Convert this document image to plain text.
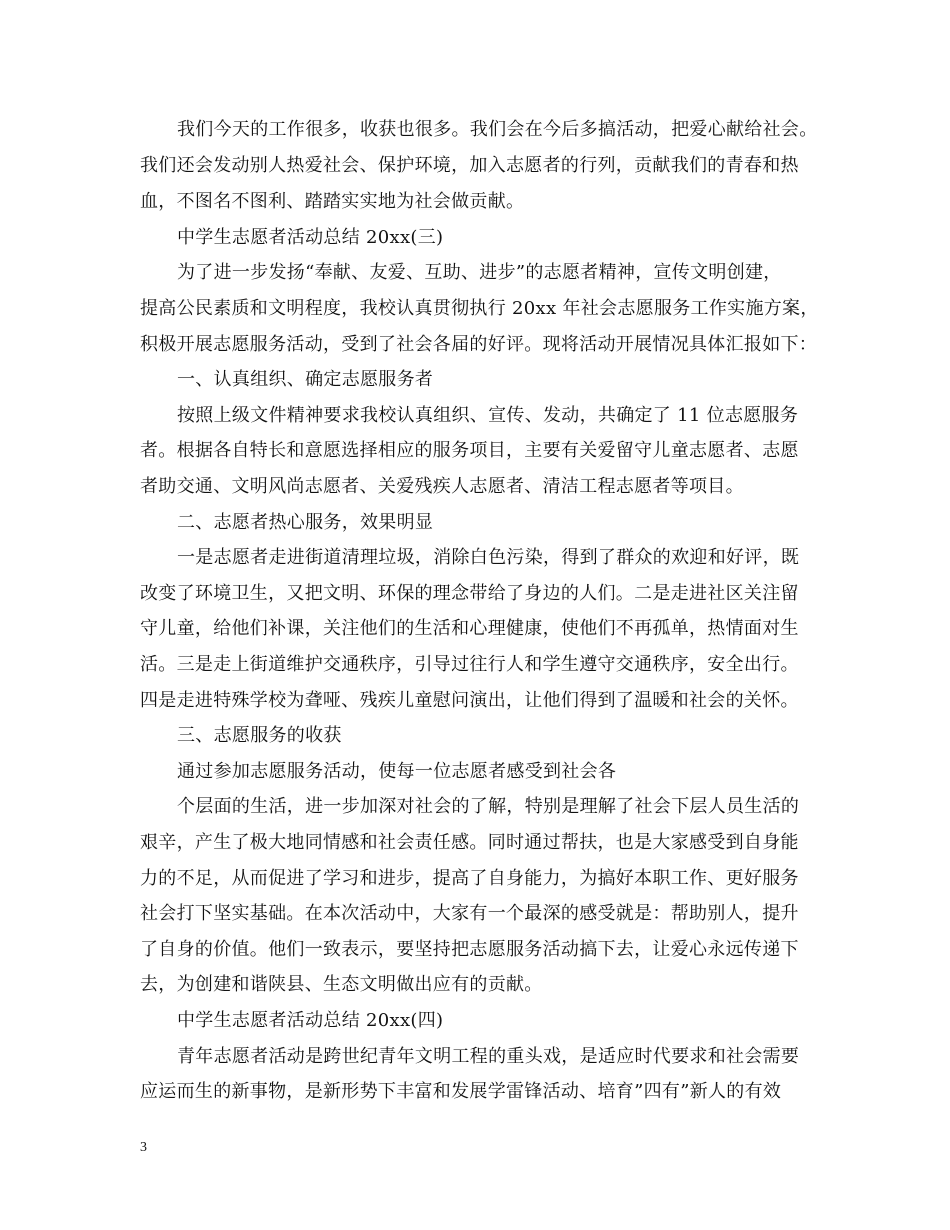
我们今天的工作很多，收获也很多。我们会在今后多搞活动，把爱心献给社会。
我们还会发动别人热爱社会、保护环境，加入志愿者的行列，贡献我们的青春和热
血，不图名不图利、踏踏实实地为社会做贡献。
中学生志愿者活动总结 20xx(三)
为了进一步发扬“奉献、友爱、互助、进步”的志愿者精神，宣传文明创建，
提高公民素质和文明程度，我校认真贯彻执行 20xx 年社会志愿服务工作实施方案，
积极开展志愿服务活动，受到了社会各届的好评。现将活动开展情况具体汇报如下：
一、认真组织、确定志愿服务者
按照上级文件精神要求我校认真组织、宣传、发动，共确定了 11 位志愿服务
者。根据各自特长和意愿选择相应的服务项目，主要有关爱留守儿童志愿者、志愿
者助交通、文明风尚志愿者、关爱残疾人志愿者、清洁工程志愿者等项目。
二、志愿者热心服务，效果明显
一是志愿者走进街道清理垃圾，消除白色污染，得到了群众的欢迎和好评，既
改变了环境卫生，又把文明、环保的理念带给了身边的人们。二是走进社区关注留
守儿童，给他们补课，关注他们的生活和心理健康，使他们不再孤单，热情面对生
活。三是走上街道维护交通秩序，引导过往行人和学生遵守交通秩序，安全出行。
四是走进特殊学校为聋哑、残疾儿童慰问演出，让他们得到了温暖和社会的关怀。
三、志愿服务的收获
通过参加志愿服务活动，使每一位志愿者感受到社会各
个层面的生活，进一步加深对社会的了解，特别是理解了社会下层人员生活的
艰辛，产生了极大地同情感和社会责任感。同时通过帮扶，也是大家感受到自身能
力的不足，从而促进了学习和进步，提高了自身能力，为搞好本职工作、更好服务
社会打下坚实基础。在本次活动中，大家有一个最深的感受就是：帮助别人，提升
了自身的价值。他们一致表示，要坚持把志愿服务活动搞下去，让爱心永远传递下
去，为创建和谐陕县、生态文明做出应有的贡献。
中学生志愿者活动总结 20xx(四)
青年志愿者活动是跨世纪青年文明工程的重头戏，是适应时代要求和社会需要
应运而生的新事物，是新形势下丰富和发展学雷锋活动、培育”四有”新人的有效
3
